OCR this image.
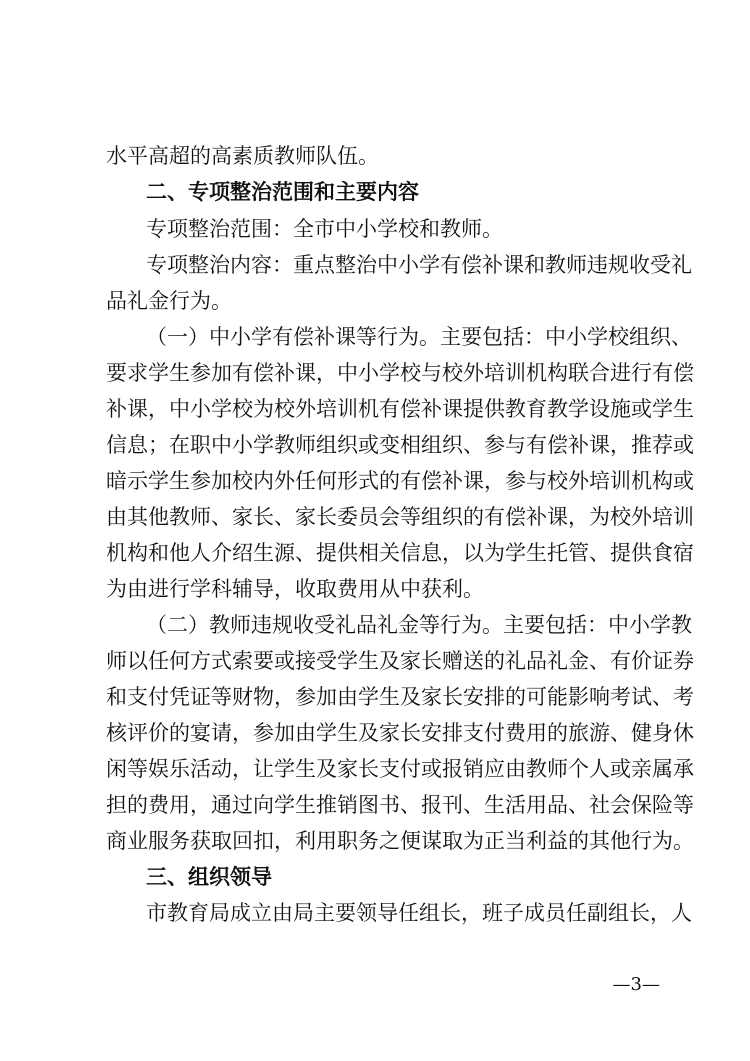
水平高超的高素质教师队伍。
二、专项整治范围和主要内容
专项整治范围：全市中小学校和教师。
专项整治内容：重点整治中小学有偿补课和教师违规收受礼
品礼金行为。
（一）中小学有偿补课等行为。主要包括：中小学校组织、
要求学生参加有偿补课，中小学校与校外培训机构联合进行有偿
补课，中小学校为校外培训机有偿补课提供教育教学设施或学生
信息；在职中小学教师组织或变相组织、参与有偿补课，推荐或
暗示学生参加校内外任何形式的有偿补课，参与校外培训机构或
由其他教师、家长、家长委员会等组织的有偿补课，为校外培训
机构和他人介绍生源、提供相关信息，以为学生托管、提供食宿
为由进行学科辅导，收取费用从中获利。
（二）教师违规收受礼品礼金等行为。主要包括：中小学教
师以任何方式索要或接受学生及家长赠送的礼品礼金、有价证券
和支付凭证等财物，参加由学生及家长安排的可能影响考试、考
核评价的宴请，参加由学生及家长安排支付费用的旅游、健身休
闲等娱乐活动，让学生及家长支付或报销应由教师个人或亲属承
担的费用，通过向学生推销图书、报刊、生活用品、社会保险等
商业服务获取回扣，利用职务之便谋取为正当利益的其他行为。
三、组织领导
市教育局成立由局主要领导任组长，班子成员任副组长，人
—3—
